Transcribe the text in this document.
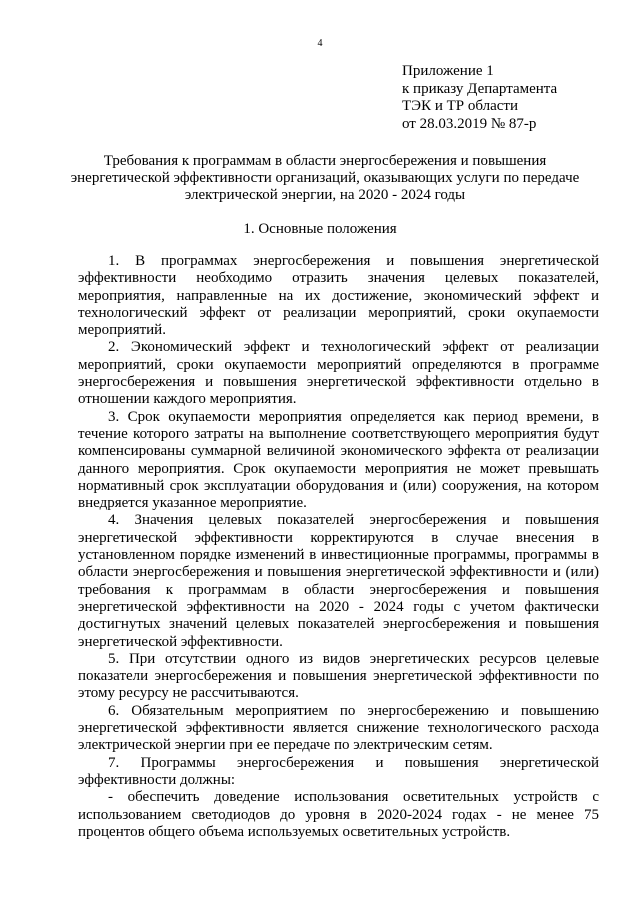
4
Приложение 1
к приказу Департамента
ТЭК и ТР области
от 28.03.2019 № 87-р
Требования к программам в области энергосбережения и повышения
энергетической эффективности организаций, оказывающих услуги по передаче
электрической энергии, на 2020 - 2024 годы
1. Основные положения

1. В программах энергосбережения и повышения энергетической эффективности необходимо отразить значения целевых показателей, мероприятия, направленные на их достижение, экономический эффект и технологический эффект от реализации мероприятий, сроки окупаемости мероприятий.

2. Экономический эффект и технологический эффект от реализации мероприятий, сроки окупаемости мероприятий определяются в программе энергосбережения и повышения энергетической эффективности отдельно в отношении каждого мероприятия.

3. Срок окупаемости мероприятия определяется как период времени, в течение которого затраты на выполнение соответствующего мероприятия будут компенсированы суммарной величиной экономического эффекта от реализации данного мероприятия. Срок окупаемости мероприятия не может превышать нормативный срок эксплуатации оборудования и (или) сооружения, на котором внедряется указанное мероприятие.

4. Значения целевых показателей энергосбережения и повышения энергетической эффективности корректируются в случае внесения в установленном порядке изменений в инвестиционные программы, программы в области энергосбережения и повышения энергетической эффективности и (или) требования к программам в области энергосбережения и повышения энергетической эффективности на 2020 - 2024 годы с учетом фактически достигнутых значений целевых показателей энергосбережения и повышения энергетической эффективности.

5. При отсутствии одного из видов энергетических ресурсов целевые показатели энергосбережения и повышения энергетической эффективности по этому ресурсу не рассчитываются.

6. Обязательным мероприятием по энергосбережению и повышению энергетической эффективности является снижение технологического расхода электрической энергии при ее передаче по электрическим сетям.

7. Программы энергосбережения и повышения энергетической эффективности должны:

- обеспечить доведение использования осветительных устройств с использованием светодиодов до уровня в 2020-2024 годах - не менее 75 процентов общего объема используемых осветительных устройств.
